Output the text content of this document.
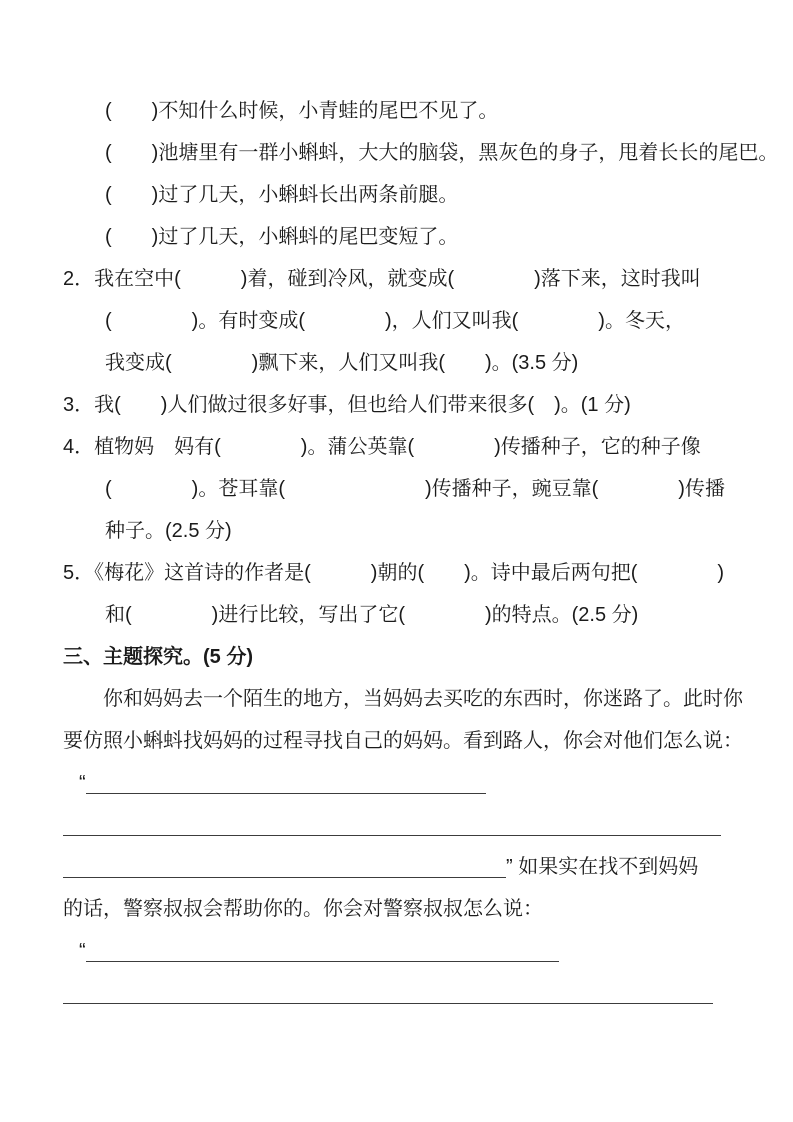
(　　)不知什么时候，小青蛙的尾巴不见了。
(　　)池塘里有一群小蝌蚪，大大的脑袋，黑灰色的身子，甩着长长的尾巴。
(　　)过了几天，小蝌蚪长出两条前腿。
(　　)过了几天，小蝌蚪的尾巴变短了。
2．我在空中(　　　)着，碰到冷风，就变成(　　　　)落下来，这时我叫
(　　　　)。有时变成(　　　　)，人们又叫我(　　　　)。冬天，
我变成(　　　　)飘下来，人们又叫我(　　)。(3.5 分)
3．我(　　)人们做过很多好事，但也给人们带来很多(　)。(1 分)
4．植物妈　妈有(　　　　)。蒲公英靠(　　　　)传播种子，它的种子像
(　　　　)。苍耳靠(　　　　　　　)传播种子，豌豆靠(　　　　)传播
种子。(2.5 分)
5．《梅花》这首诗的作者是(　　　)朝的(　　)。诗中最后两句把(　　　　)
和(　　　　)进行比较，写出了它(　　　　)的特点。(2.5 分)
三、主题探究。(5 分)
　　你和妈妈去一个陌生的地方，当妈妈去买吃的东西时，你迷路了。此时你
要仿照小蝌蚪找妈妈的过程寻找自己的妈妈。看到路人，你会对他们怎么说：
“
” 如果实在找不到妈妈
的话，警察叔叔会帮助你的。你会对警察叔叔怎么说：
“
